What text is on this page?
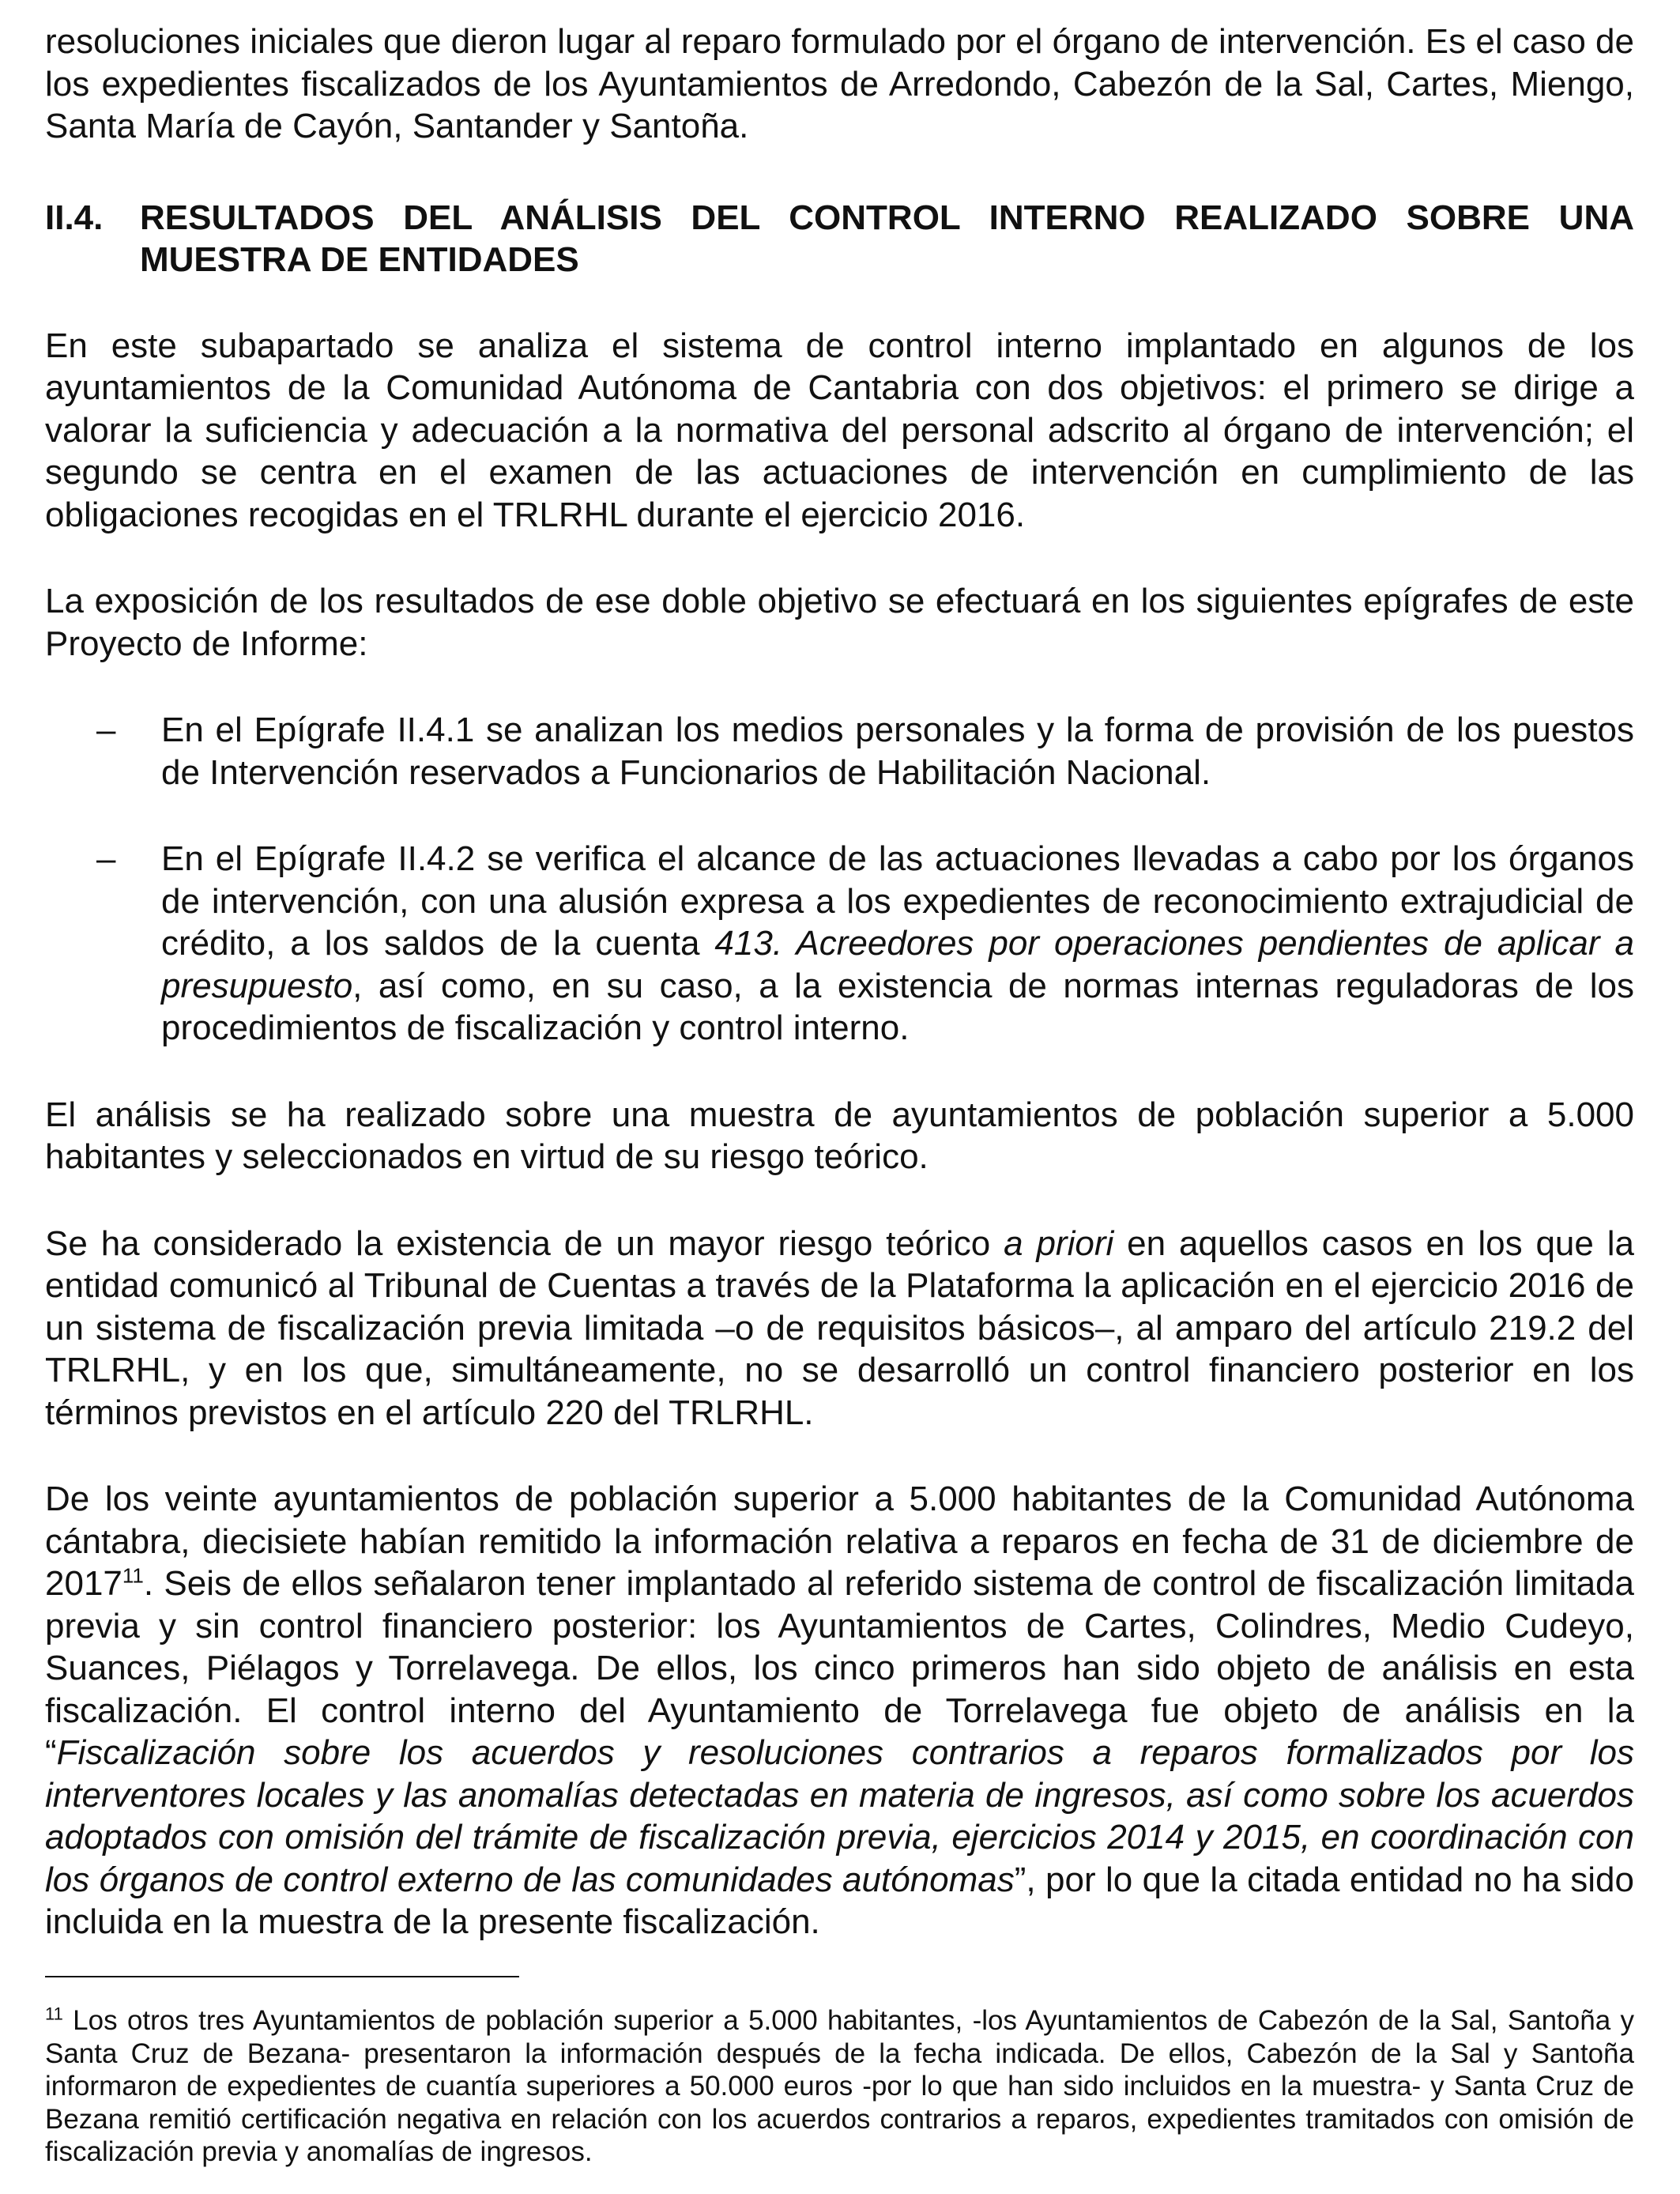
resoluciones iniciales que dieron lugar al reparo formulado por el órgano de intervención. Es el caso de los expedientes fiscalizados de los Ayuntamientos de Arredondo, Cabezón de la Sal, Cartes, Miengo, Santa María de Cayón, Santander y Santoña.

II.4.	RESULTADOS DEL ANÁLISIS DEL CONTROL INTERNO REALIZADO SOBRE UNA MUESTRA DE ENTIDADES

En este subapartado se analiza el sistema de control interno implantado en algunos de los ayuntamientos de la Comunidad Autónoma de Cantabria con dos objetivos: el primero se dirige a valorar la suficiencia y adecuación a la normativa del personal adscrito al órgano de intervención; el segundo se centra en el examen de las actuaciones de intervención en cumplimiento de las obligaciones recogidas en el TRLRHL durante el ejercicio 2016.

La exposición de los resultados de ese doble objetivo se efectuará en los siguientes epígrafes de este Proyecto de Informe:

–	En el Epígrafe II.4.1 se analizan los medios personales y la forma de provisión de los puestos de Intervención reservados a Funcionarios de Habilitación Nacional.

–	En el Epígrafe II.4.2 se verifica el alcance de las actuaciones llevadas a cabo por los órganos de intervención, con una alusión expresa a los expedientes de reconocimiento extrajudicial de crédito, a los saldos de la cuenta 413. Acreedores por operaciones pendientes de aplicar a presupuesto, así como, en su caso, a la existencia de normas internas reguladoras de los procedimientos de fiscalización y control interno.

El análisis se ha realizado sobre una muestra de ayuntamientos de población superior a 5.000 habitantes y seleccionados en virtud de su riesgo teórico.

Se ha considerado la existencia de un mayor riesgo teórico a priori en aquellos casos en los que la entidad comunicó al Tribunal de Cuentas a través de la Plataforma la aplicación en el ejercicio 2016 de un sistema de fiscalización previa limitada –o de requisitos básicos–, al amparo del artículo 219.2 del TRLRHL, y en los que, simultáneamente, no se desarrolló un control financiero posterior en los términos previstos en el artículo 220 del TRLRHL.

De los veinte ayuntamientos de población superior a 5.000 habitantes de la Comunidad Autónoma cántabra, diecisiete habían remitido la información relativa a reparos en fecha de 31 de diciembre de 2017$^{11}$. Seis de ellos señalaron tener implantado al referido sistema de control de fiscalización limitada previa y sin control financiero posterior: los Ayuntamientos de Cartes, Colindres, Medio Cudeyo, Suances, Piélagos y Torrelavega. De ellos, los cinco primeros han sido objeto de análisis en esta fiscalización. El control interno del Ayuntamiento de Torrelavega fue objeto de análisis en la “Fiscalización sobre los acuerdos y resoluciones contrarios a reparos formalizados por los interventores locales y las anomalías detectadas en materia de ingresos, así como sobre los acuerdos adoptados con omisión del trámite de fiscalización previa, ejercicios 2014 y 2015, en coordinación con los órganos de control externo de las comunidades autónomas”, por lo que la citada entidad no ha sido incluida en la muestra de la presente fiscalización.

$^{11}$ Los otros tres Ayuntamientos de población superior a 5.000 habitantes, -los Ayuntamientos de Cabezón de la Sal, Santoña y Santa Cruz de Bezana- presentaron la información después de la fecha indicada. De ellos, Cabezón de la Sal y Santoña informaron de expedientes de cuantía superiores a 50.000 euros -por lo que han sido incluidos en la muestra- y Santa Cruz de Bezana remitió certificación negativa en relación con los acuerdos contrarios a reparos, expedientes tramitados con omisión de fiscalización previa y anomalías de ingresos.
